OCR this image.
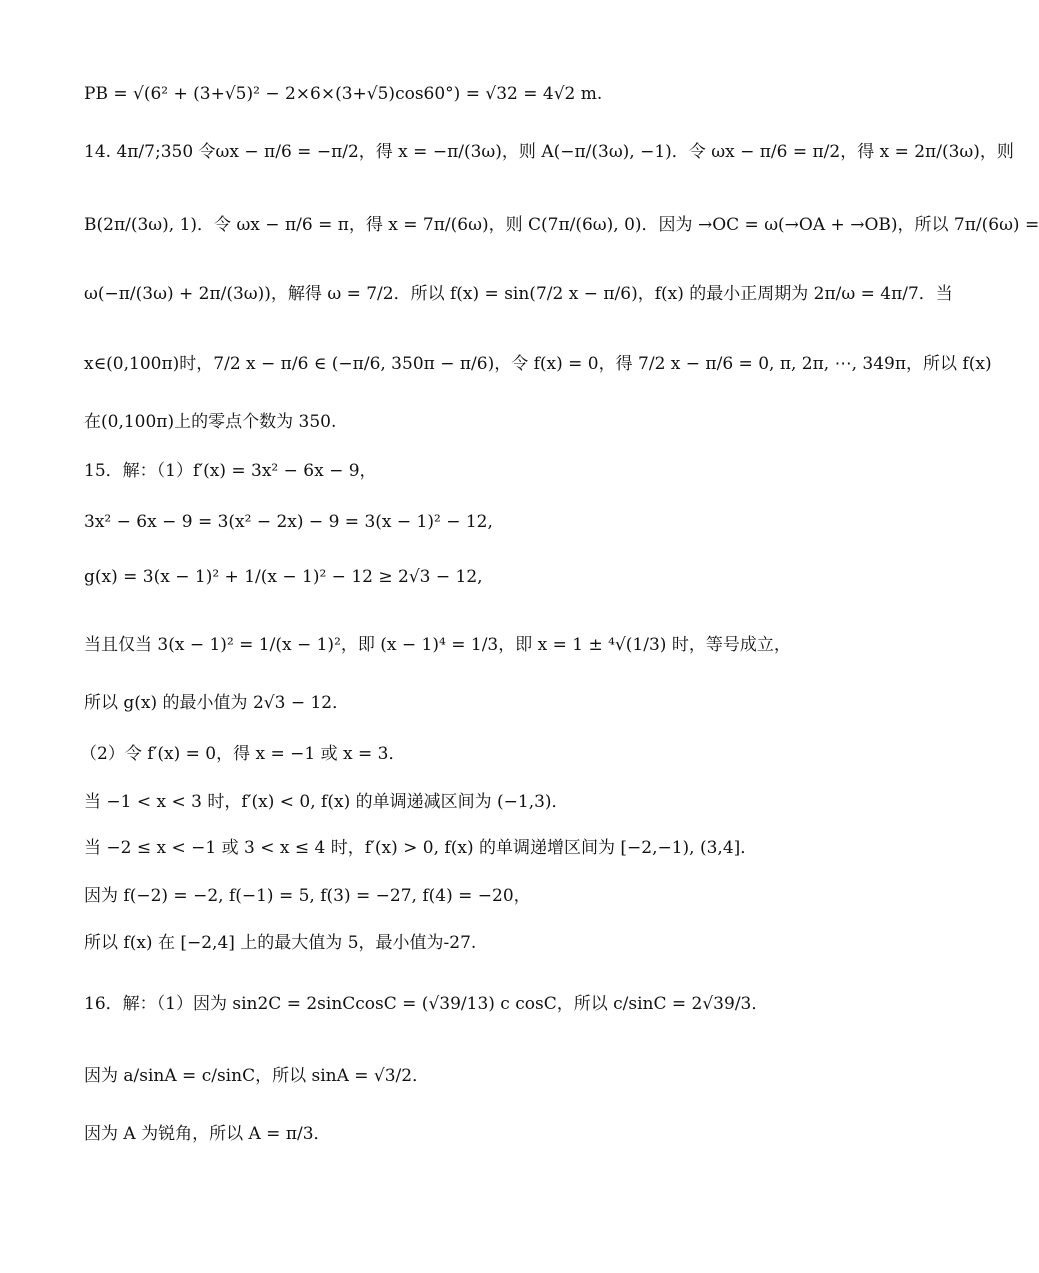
PB = √(6² + (3+√5)² − 2×6×(3+√5)cos60°) = √32 = 4√2 m.
14. 4π/7;350 令ωx − π/6 = −π/2，得 x = −π/(3ω)，则 A(−π/(3ω), −1)．令 ωx − π/6 = π/2，得 x = 2π/(3ω)，则
B(2π/(3ω), 1)．令 ωx − π/6 = π，得 x = 7π/(6ω)，则 C(7π/(6ω), 0)．因为 →OC = ω(→OA + →OB)，所以 7π/(6ω) =
ω(−π/(3ω) + 2π/(3ω))，解得 ω = 7/2．所以 f(x) = sin(7/2 x − π/6)，f(x) 的最小正周期为 2π/ω = 4π/7．当
x∈(0,100π)时，7/2 x − π/6 ∈ (−π/6, 350π − π/6)，令 f(x) = 0，得 7/2 x − π/6 = 0, π, 2π, ⋯, 349π，所以 f(x)
在(0,100π)上的零点个数为 350.
15．解：（1）f′(x) = 3x² − 6x − 9，
3x² − 6x − 9 = 3(x² − 2x) − 9 = 3(x − 1)² − 12,
g(x) = 3(x − 1)² + 1/(x − 1)² − 12 ≥ 2√3 − 12,
当且仅当 3(x − 1)² = 1/(x − 1)²，即 (x − 1)⁴ = 1/3，即 x = 1 ± ⁴√(1/3) 时，等号成立，
所以 g(x) 的最小值为 2√3 − 12．
（2）令 f′(x) = 0，得 x = −1 或 x = 3．
当 −1 < x < 3 时，f′(x) < 0, f(x) 的单调递减区间为 (−1,3)．
当 −2 ≤ x < −1 或 3 < x ≤ 4 时，f′(x) > 0, f(x) 的单调递增区间为 [−2,−1), (3,4]．
因为 f(−2) = −2, f(−1) = 5, f(3) = −27, f(4) = −20，
所以 f(x) 在 [−2,4] 上的最大值为 5，最小值为-27.
16．解：（1）因为 sin2C = 2sinCcosC = (√39/13) c cosC，所以 c/sinC = 2√39/3．
因为 a/sinA = c/sinC，所以 sinA = √3/2．
因为 A 为锐角，所以 A = π/3．
